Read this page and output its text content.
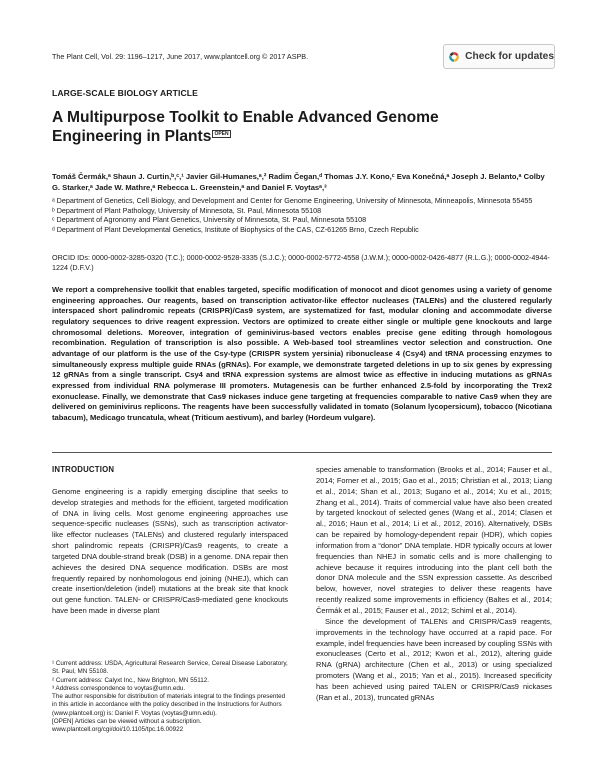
The Plant Cell, Vol. 29: 1196–1217, June 2017, www.plantcell.org © 2017 ASPB.	Check for updates
LARGE-SCALE BIOLOGY ARTICLE
A Multipurpose Toolkit to Enable Advanced Genome Engineering in Plants OPEN

Tomáš Čermák,ᵃ Shaun J. Curtin,ᵇ,ᶜ,¹ Javier Gil-Humanes,ᵃ,² Radim Čegan,ᵈ Thomas J.Y. Kono,ᶜ Eva Konečná,ᵃ Joseph J. Belanto,ᵃ Colby G. Starker,ᵃ Jade W. Mathre,ᵃ Rebecca L. Greenstein,ᵃ and Daniel F. Voytasᵃ,³

ᵃ Department of Genetics, Cell Biology, and Development and Center for Genome Engineering, University of Minnesota, Minneapolis, Minnesota 55455
ᵇ Department of Plant Pathology, University of Minnesota, St. Paul, Minnesota 55108
ᶜ Department of Agronomy and Plant Genetics, University of Minnesota, St. Paul, Minnesota 55108
ᵈ Department of Plant Developmental Genetics, Institute of Biophysics of the CAS, CZ-61265 Brno, Czech Republic

ORCID IDs: 0000-0002-3285-0320 (T.C.); 0000-0002-9528-3335 (S.J.C.); 0000-0002-5772-4558 (J.W.M.); 0000-0002-0426-4877 (R.L.G.); 0000-0002-4944-1224 (D.F.V.)

We report a comprehensive toolkit that enables targeted, specific modification of monocot and dicot genomes using a variety of genome engineering approaches. Our reagents, based on transcription activator-like effector nucleases (TALENs) and the clustered regularly interspaced short palindromic repeats (CRISPR)/Cas9 system, are systematized for fast, modular cloning and accommodate diverse regulatory sequences to drive reagent expression. Vectors are optimized to create either single or multiple gene knockouts and large chromosomal deletions. Moreover, integration of geminivirus-based vectors enables precise gene editing through homologous recombination. Regulation of transcription is also possible. A Web-based tool streamlines vector selection and construction. One advantage of our platform is the use of the Csy-type (CRISPR system yersinia) ribonuclease 4 (Csy4) and tRNA processing enzymes to simultaneously express multiple guide RNAs (gRNAs). For example, we demonstrate targeted deletions in up to six genes by expressing 12 gRNAs from a single transcript. Csy4 and tRNA expression systems are almost twice as effective in inducing mutations as gRNAs expressed from individual RNA polymerase III promoters. Mutagenesis can be further enhanced 2.5-fold by incorporating the Trex2 exonuclease. Finally, we demonstrate that Cas9 nickases induce gene targeting at frequencies comparable to native Cas9 when they are delivered on geminivirus replicons. The reagents have been successfully validated in tomato (Solanum lycopersicum), tobacco (Nicotiana tabacum), Medicago truncatula, wheat (Triticum aestivum), and barley (Hordeum vulgare).

INTRODUCTION

Genome engineering is a rapidly emerging discipline that seeks to develop strategies and methods for the efficient, targeted modification of DNA in living cells. Most genome engineering approaches use sequence-specific nucleases (SSNs), such as transcription activator-like effector nucleases (TALENs) and clustered regularly interspaced short palindromic repeats (CRISPR)/Cas9 reagents, to create a targeted DNA double-strand break (DSB) in a genome. DNA repair then achieves the desired DNA sequence modification. DSBs are most frequently repaired by nonhomologous end joining (NHEJ), which can create insertion/deletion (indel) mutations at the break site that knock out gene function. TALEN- or CRISPR/Cas9-mediated gene knockouts have been made in diverse plant

species amenable to transformation (Brooks et al., 2014; Fauser et al., 2014; Forner et al., 2015; Gao et al., 2015; Christian et al., 2013; Liang et al., 2014; Shan et al., 2013; Sugano et al., 2014; Xu et al., 2015; Zhang et al., 2014). Traits of commercial value have also been created by targeted knockout of selected genes (Wang et al., 2014; Clasen et al., 2016; Haun et al., 2014; Li et al., 2012, 2016). Alternatively, DSBs can be repaired by homology-dependent repair (HDR), which copies information from a “donor” DNA template. HDR typically occurs at lower frequencies than NHEJ in somatic cells and is more challenging to achieve because it requires introducing into the plant cell both the donor DNA molecule and the SSN expression cassette. As described below, however, novel strategies to deliver these reagents have recently realized some improvements in efficiency (Baltes et al., 2014; Čermák et al., 2015; Fauser et al., 2012; Schiml et al., 2014).

Since the development of TALENs and CRISPR/Cas9 reagents, improvements in the technology have occurred at a rapid pace. For example, indel frequencies have been increased by coupling SSNs with exonucleases (Certo et al., 2012; Kwon et al., 2012), altering guide RNA (gRNA) architecture (Chen et al., 2013) or using specialized promoters (Wang et al., 2015; Yan et al., 2015). Increased specificity has been achieved using paired TALEN or CRISPR/Cas9 nickases (Ran et al., 2013), truncated gRNAs

¹ Current address: USDA, Agricultural Research Service, Cereal Disease Laboratory, St. Paul, MN 55108.
² Current address: Calyxt Inc., New Brighton, MN 55112.
³ Address correspondence to voytas@umn.edu.
The author responsible for distribution of materials integral to the findings presented in this article in accordance with the policy described in the Instructions for Authors (www.plantcell.org) is: Daniel F. Voytas (voytas@umn.edu).
[OPEN] Articles can be viewed without a subscription.
www.plantcell.org/cgi/doi/10.1105/tpc.16.00922
